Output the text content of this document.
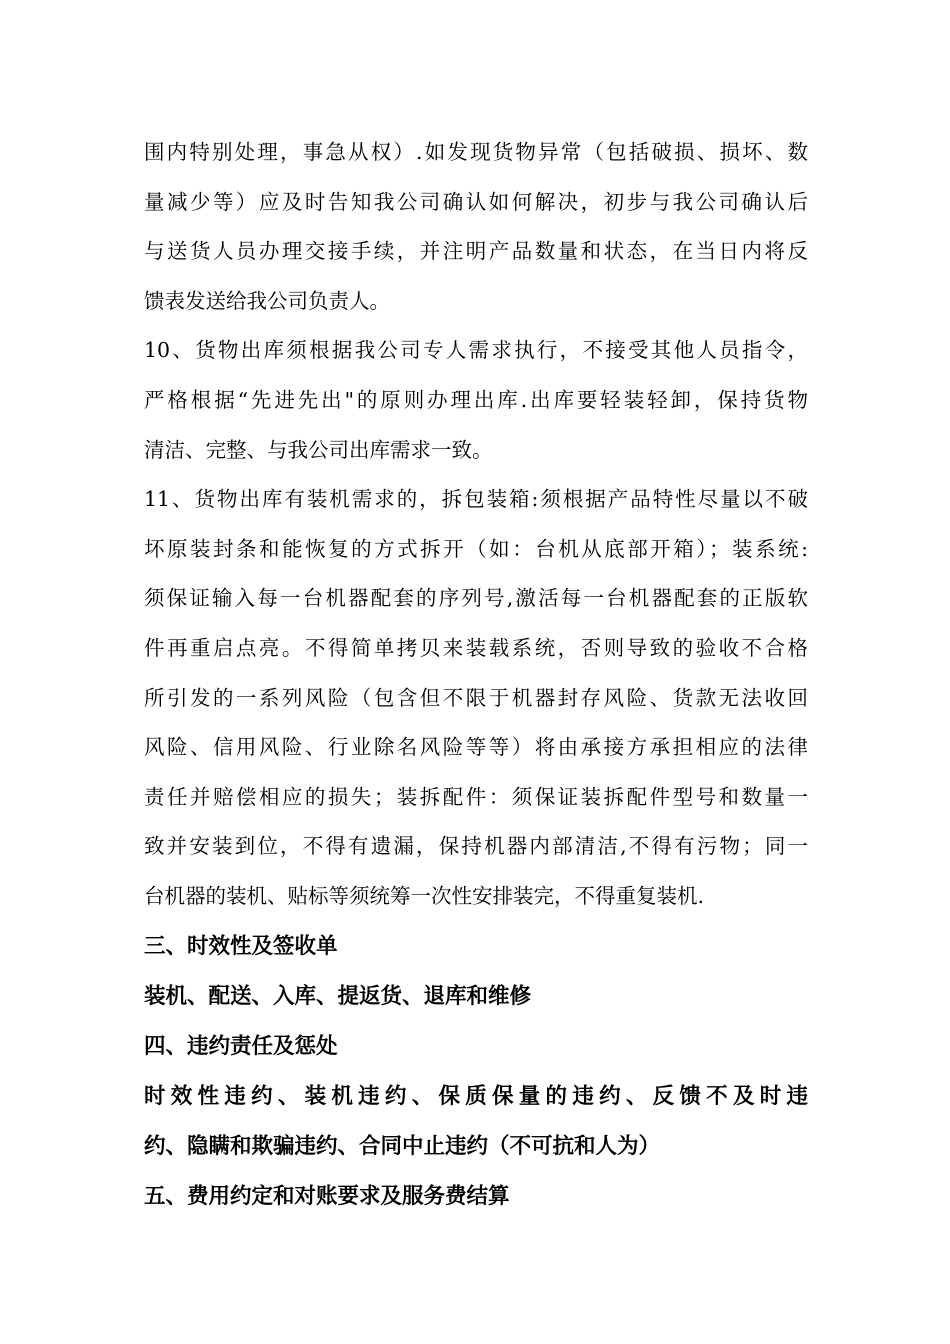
围内特别处理，事急从权）.如发现货物异常（包括破损、损坏、数
量减少等）应及时告知我公司确认如何解决，初步与我公司确认后
与送货人员办理交接手续，并注明产品数量和状态，在当日内将反
馈表发送给我公司负责人。
10、货物出库须根据我公司专人需求执行，不接受其他人员指令，
严格根据“先进先出"的原则办理出库.出库要轻装轻卸，保持货物
清洁、完整、与我公司出库需求一致。
11、货物出库有装机需求的，拆包装箱:须根据产品特性尽量以不破
坏原装封条和能恢复的方式拆开（如：台机从底部开箱）；装系统:
须保证输入每一台机器配套的序列号,激活每一台机器配套的正版软
件再重启点亮。不得简单拷贝来装载系统，否则导致的验收不合格
所引发的一系列风险（包含但不限于机器封存风险、货款无法收回
风险、信用风险、行业除名风险等等）将由承接方承担相应的法律
责任并赔偿相应的损失；装拆配件：须保证装拆配件型号和数量一
致并安装到位，不得有遗漏，保持机器内部清洁,不得有污物；同一
台机器的装机、贴标等须统筹一次性安排装完，不得重复装机.
三、时效性及签收单
装机、配送、入库、提返货、退库和维修
四、违约责任及惩处
时效性违约、装机违约、保质保量的违约、反馈不及时违
约、隐瞒和欺骗违约、合同中止违约（不可抗和人为）
五、费用约定和对账要求及服务费结算
